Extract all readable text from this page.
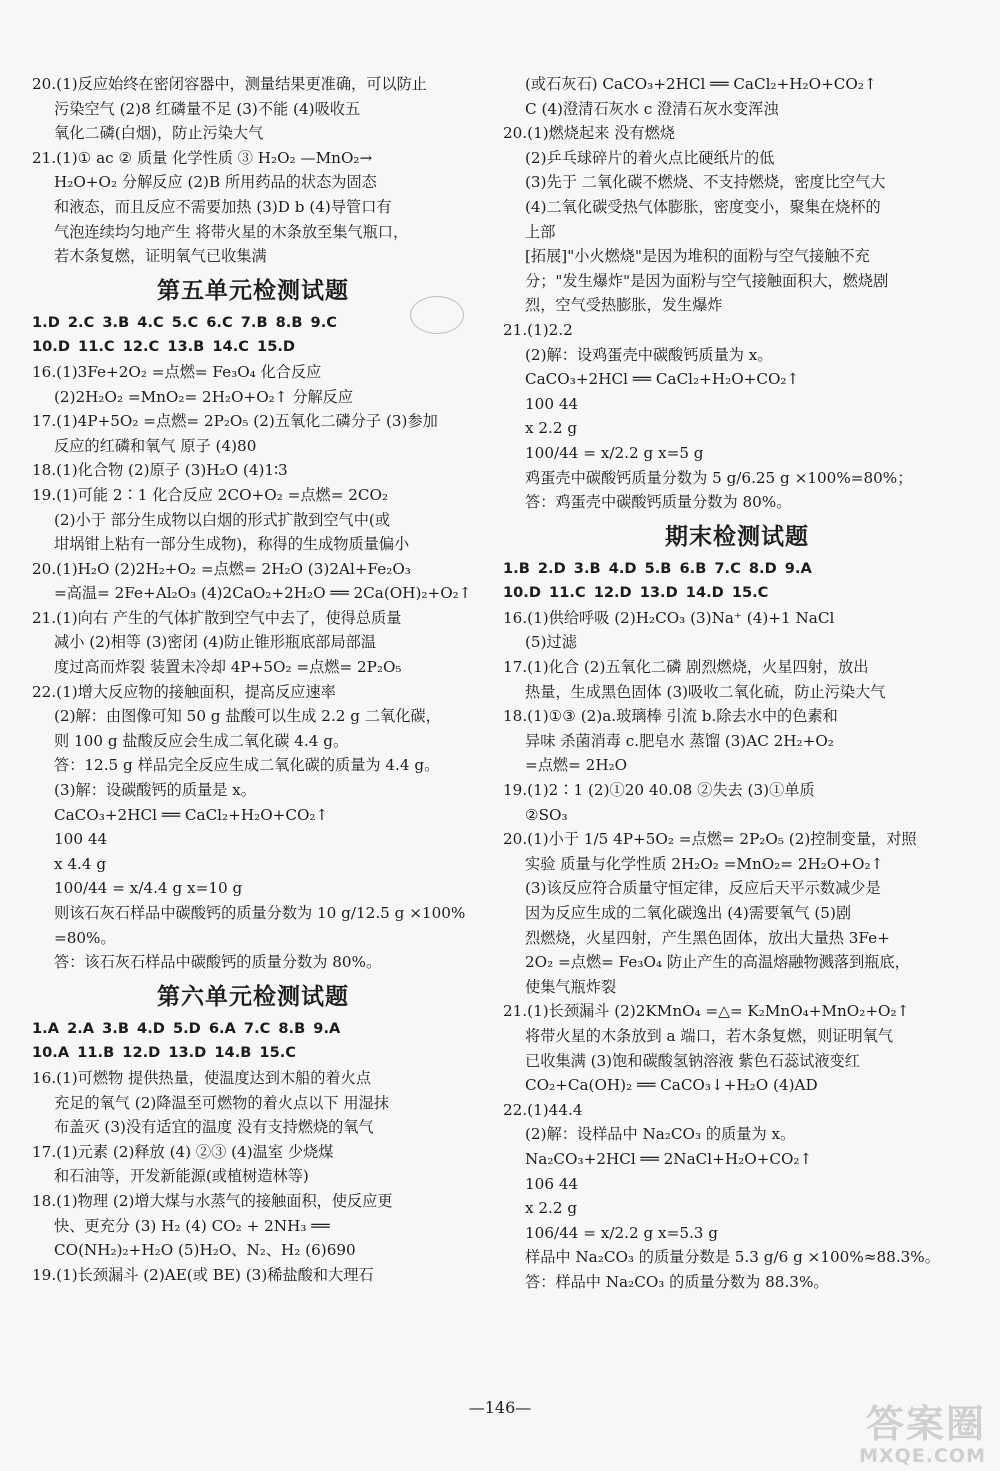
20.(1)反应始终在密闭容器中，测量结果更准确，可以防止
污染空气 (2)8 红磷量不足 (3)不能 (4)吸收五
氧化二磷(白烟)，防止污染大气
21.(1)① ac ② 质量 化学性质 ③ H₂O₂ —MnO₂→
H₂O+O₂ 分解反应 (2)B 所用药品的状态为固态
和液态，而且反应不需要加热 (3)D b (4)导管口有
气泡连续均匀地产生 将带火星的木条放至集气瓶口，
若木条复燃，证明氧气已收集满
第五单元检测试题
1.D 2.C 3.B 4.C 5.C 6.C 7.B 8.B 9.C
10.D 11.C 12.C 13.B 14.C 15.D
16.(1)3Fe+2O₂ =点燃= Fe₃O₄ 化合反应
(2)2H₂O₂ =MnO₂= 2H₂O+O₂↑ 分解反应
17.(1)4P+5O₂ =点燃= 2P₂O₅ (2)五氧化二磷分子 (3)参加
反应的红磷和氧气 原子 (4)80
18.(1)化合物 (2)原子 (3)H₂O (4)1∶3
19.(1)可能 2∶1 化合反应 2CO+O₂ =点燃= 2CO₂
(2)小于 部分生成物以白烟的形式扩散到空气中(或
坩埚钳上粘有一部分生成物)，称得的生成物质量偏小
20.(1)H₂O (2)2H₂+O₂ =点燃= 2H₂O (3)2Al+Fe₂O₃
=高温= 2Fe+Al₂O₃ (4)2CaO₂+2H₂O ══ 2Ca(OH)₂+O₂↑
21.(1)向右 产生的气体扩散到空气中去了，使得总质量
减小 (2)相等 (3)密闭 (4)防止锥形瓶底部局部温
度过高而炸裂 装置未冷却 4P+5O₂ =点燃= 2P₂O₅
22.(1)增大反应物的接触面积，提高反应速率
(2)解：由图像可知 50 g 盐酸可以生成 2.2 g 二氧化碳，
则 100 g 盐酸反应会生成二氧化碳 4.4 g。
答：12.5 g 样品完全反应生成二氧化碳的质量为 4.4 g。
(3)解：设碳酸钙的质量是 x。
CaCO₃+2HCl ══ CaCl₂+H₂O+CO₂↑
100 44
x 4.4 g
100/44 = x/4.4 g x=10 g
则该石灰石样品中碳酸钙的质量分数为 10 g/12.5 g ×100%
=80%。
答：该石灰石样品中碳酸钙的质量分数为 80%。
第六单元检测试题
1.A 2.A 3.B 4.D 5.D 6.A 7.C 8.B 9.A
10.A 11.B 12.D 13.D 14.B 15.C
16.(1)可燃物 提供热量，使温度达到木船的着火点
充足的氧气 (2)降温至可燃物的着火点以下 用湿抹
布盖灭 (3)没有适宜的温度 没有支持燃烧的氧气
17.(1)元素 (2)释放 (4) ②③ (4)温室 少烧煤
和石油等，开发新能源(或植树造林等)
18.(1)物理 (2)增大煤与水蒸气的接触面积，使反应更
快、更充分 (3) H₂ (4) CO₂ + 2NH₃ ══
CO(NH₂)₂+H₂O (5)H₂O、N₂、H₂ (6)690
19.(1)长颈漏斗 (2)AE(或 BE) (3)稀盐酸和大理石
(或石灰石) CaCO₃+2HCl ══ CaCl₂+H₂O+CO₂↑
C (4)澄清石灰水 c 澄清石灰水变浑浊
20.(1)燃烧起来 没有燃烧
(2)乒乓球碎片的着火点比硬纸片的低
(3)先于 二氧化碳不燃烧、不支持燃烧，密度比空气大
(4)二氧化碳受热气体膨胀，密度变小，聚集在烧杯的
上部
[拓展]"小火燃烧"是因为堆积的面粉与空气接触不充
分；"发生爆炸"是因为面粉与空气接触面积大，燃烧剧
烈，空气受热膨胀，发生爆炸
21.(1)2.2
(2)解：设鸡蛋壳中碳酸钙质量为 x。
CaCO₃+2HCl ══ CaCl₂+H₂O+CO₂↑
100 44
x 2.2 g
100/44 = x/2.2 g x=5 g
鸡蛋壳中碳酸钙质量分数为 5 g/6.25 g ×100%=80%；
答：鸡蛋壳中碳酸钙质量分数为 80%。
期末检测试题
1.B 2.D 3.B 4.D 5.B 6.B 7.C 8.D 9.A
10.D 11.C 12.D 13.D 14.D 15.C
16.(1)供给呼吸 (2)H₂CO₃ (3)Na⁺ (4)+1 NaCl
(5)过滤
17.(1)化合 (2)五氧化二磷 剧烈燃烧，火星四射，放出
热量，生成黑色固体 (3)吸收二氧化硫，防止污染大气
18.(1)①③ (2)a.玻璃棒 引流 b.除去水中的色素和
异味 杀菌消毒 c.肥皂水 蒸馏 (3)AC 2H₂+O₂
=点燃= 2H₂O
19.(1)2∶1 (2)①20 40.08 ②失去 (3)①单质
②SO₃
20.(1)小于 1/5 4P+5O₂ =点燃= 2P₂O₅ (2)控制变量，对照
实验 质量与化学性质 2H₂O₂ =MnO₂= 2H₂O+O₂↑
(3)该反应符合质量守恒定律，反应后天平示数减少是
因为反应生成的二氧化碳逸出 (4)需要氧气 (5)剧
烈燃烧，火星四射，产生黑色固体，放出大量热 3Fe+
2O₂ =点燃= Fe₃O₄ 防止产生的高温熔融物溅落到瓶底，
使集气瓶炸裂
21.(1)长颈漏斗 (2)2KMnO₄ =△= K₂MnO₄+MnO₂+O₂↑
将带火星的木条放到 a 端口，若木条复燃，则证明氧气
已收集满 (3)饱和碳酸氢钠溶液 紫色石蕊试液变红
CO₂+Ca(OH)₂ ══ CaCO₃↓+H₂O (4)AD
22.(1)44.4
(2)解：设样品中 Na₂CO₃ 的质量为 x。
Na₂CO₃+2HCl ══ 2NaCl+H₂O+CO₂↑
106 44
x 2.2 g
106/44 = x/2.2 g x=5.3 g
样品中 Na₂CO₃ 的质量分数是 5.3 g/6 g ×100%≈88.3%。
答：样品中 Na₂CO₃ 的质量分数为 88.3%。
—146—	答案圈
MXQE.COM
